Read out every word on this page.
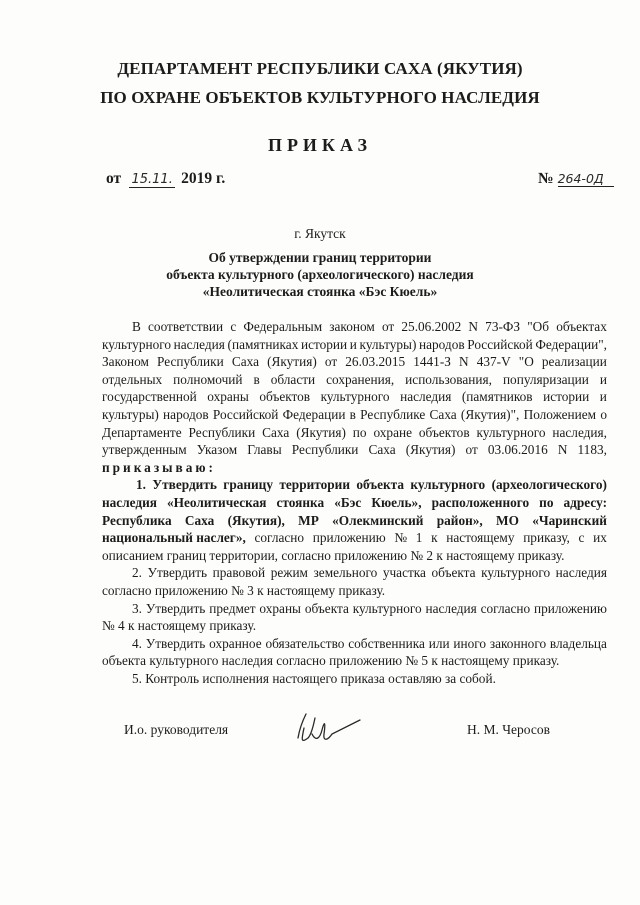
ДЕПАРТАМЕНТ РЕСПУБЛИКИ САХА (ЯКУТИЯ)
ПО ОХРАНЕ ОБЪЕКТОВ КУЛЬТУРНОГО НАСЛЕДИЯ
ПРИКАЗ
от 15.11. 2019 г.	№ 264-0Д
г. Якутск
Об утверждении границ территории
объекта культурного (археологического) наследия
«Неолитическая стоянка «Бэс Кюель»
В соответствии с Федеральным законом от 25.06.2002 N 73-ФЗ "Об объектах
культурного наследия (памятниках истории и культуры) народов Российской Федерации",
Законом Республики Саха (Якутия) от 26.03.2015 1441-З N 437-V "О реализации
отдельных полномочий в области сохранения, использования, популяризации и
государственной охраны объектов культурного наследия (памятников истории и
культуры) народов Российской Федерации в Республике Саха (Якутия)", Положением о
Департаменте Республики Саха (Якутия) по охране объектов культурного наследия,
утвержденным Указом Главы Республики Саха (Якутия) от 03.06.2016 N 1183,
приказываю:
1. Утвердить границу территории объекта культурного (археологического)
наследия «Неолитическая стоянка «Бэс Кюель», расположенного по адресу:
Республика Саха (Якутия), МР «Олекминский район», МО «Чаринский
национальный наслег», согласно приложению № 1 к настоящему приказу, с их
описанием границ территории, согласно приложению № 2 к настоящему приказу.
2. Утвердить правовой режим земельного участка объекта культурного наследия
согласно приложению № 3 к настоящему приказу.
3. Утвердить предмет охраны объекта культурного наследия согласно приложению
№ 4 к настоящему приказу.
4. Утвердить охранное обязательство собственника или иного законного владельца
объекта культурного наследия согласно приложению № 5 к настоящему приказу.
5. Контроль исполнения настоящего приказа оставляю за собой.
И.о. руководителя	Н. М. Черосов
